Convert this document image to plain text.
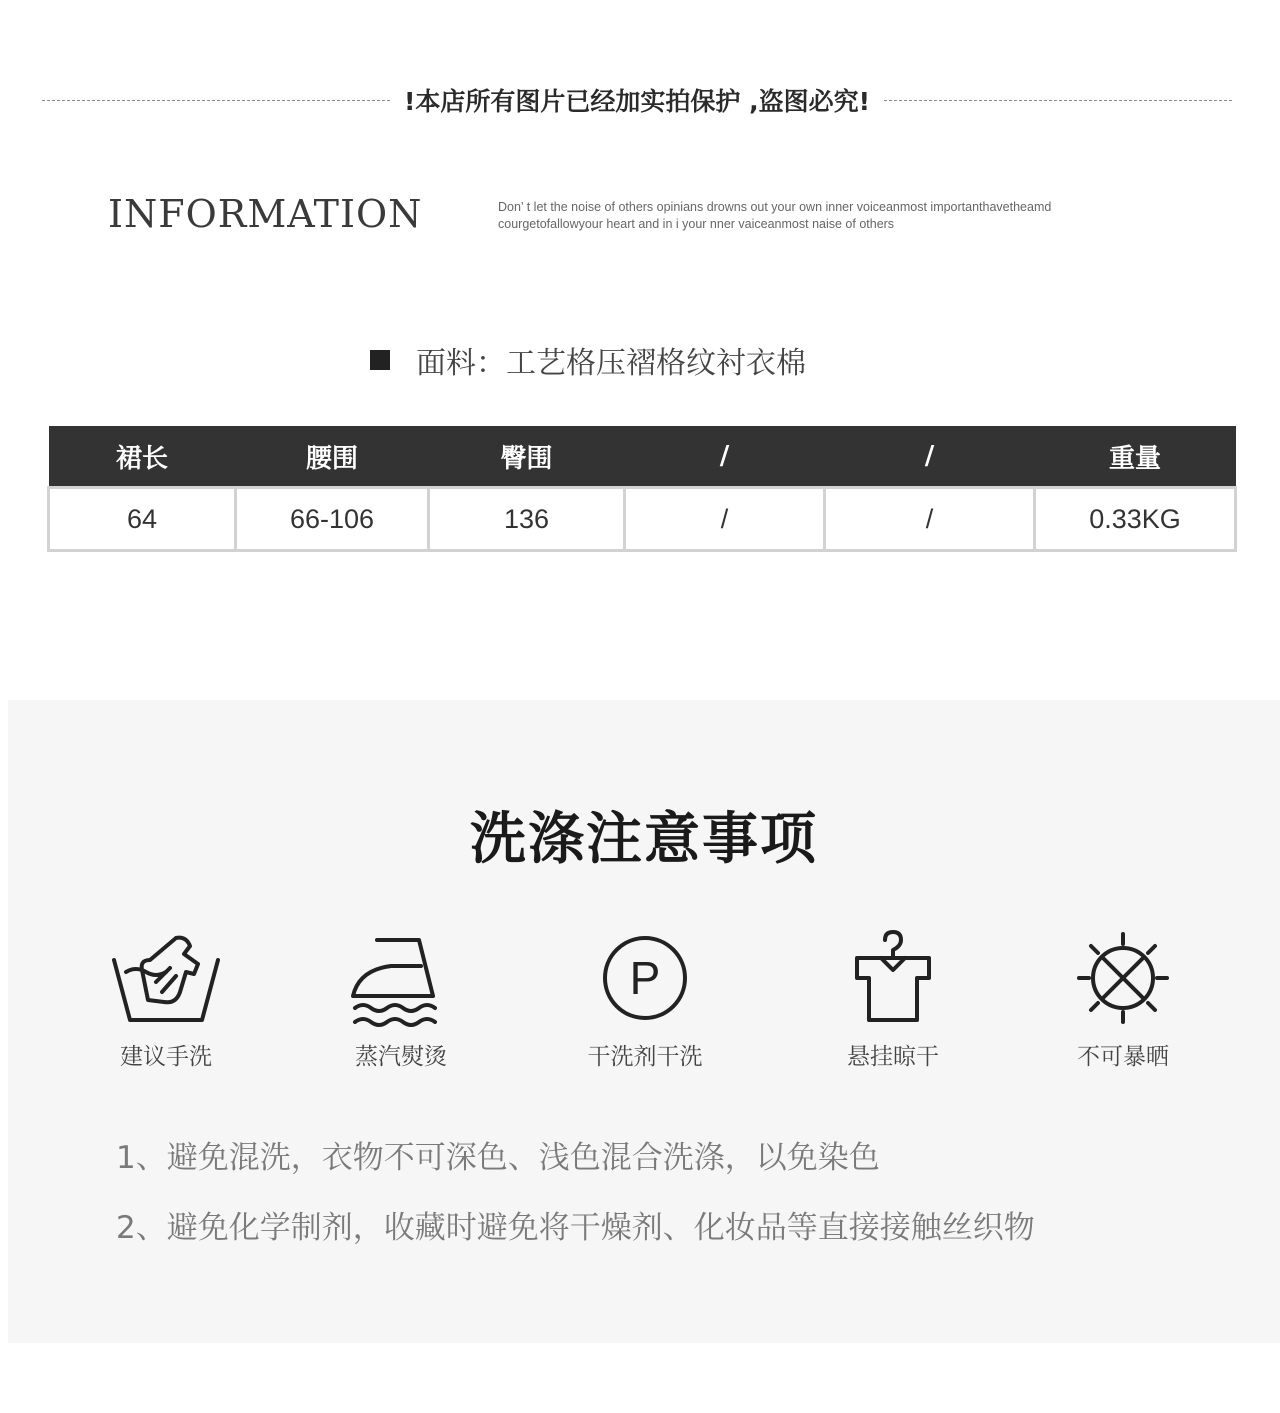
!本店所有图片已经加实拍保护 ,盗图必究!
INFORMATION	Don’ t let the noise of others opinians drowns out your own inner voiceanmost importanthavetheamd
courgetofallowyour heart and in i your nner vaiceanmost naise of others
面料：工艺格压褶格纹衬衣棉
裙长	腰围	臀围	/	/	重量
64	66-106	136	/	/	0.33KG
洗涤注意事项
建议手洗	蒸汽熨烫
P
干洗剂干洗	悬挂晾干	不可暴晒
1、避免混洗，衣物不可深色、浅色混合洗涤，以免染色
2、避免化学制剂，收藏时避免将干燥剂、化妆品等直接接触丝织物
